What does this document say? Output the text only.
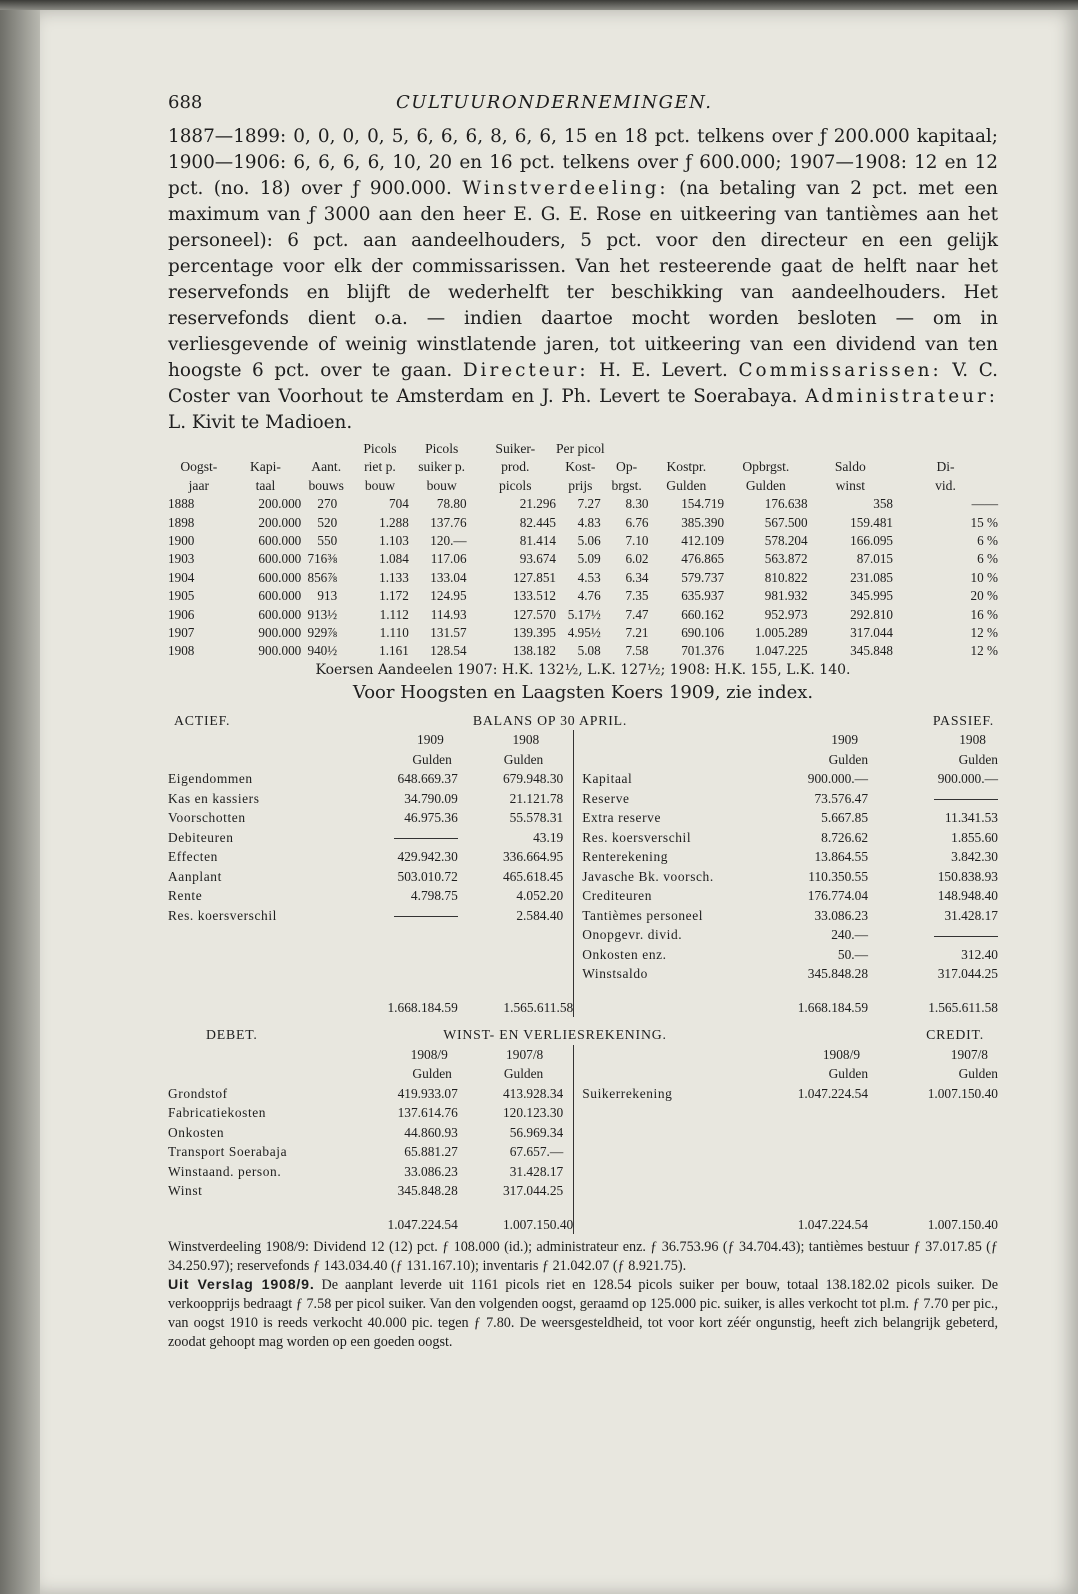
688	CULTUURONDERNEMINGEN.

1887—1899: 0, 0, 0, 0, 5, 6, 6, 6, 8, 6, 6, 15 en 18 pct. telkens over ƒ 200.000 kapitaal; 1900—1906: 6, 6, 6, 6, 10, 20 en 16 pct. telkens over ƒ 600.000; 1907—1908: 12 en 12 pct. (no. 18) over ƒ 900.000. Winstverdeeling: (na betaling van 2 pct. met een maximum van ƒ 3000 aan den heer E. G. E. Rose en uitkeering van tantièmes aan het personeel): 6 pct. aan aandeelhouders, 5 pct. voor den directeur en een gelijk percentage voor elk der commissarissen. Van het resteerende gaat de helft naar het reservefonds en blijft de wederhelft ter beschikking van aandeelhouders. Het reservefonds dient o.a. — indien daartoe mocht worden besloten — om in verliesgevende of weinig winstlatende jaren, tot uitkeering van een dividend van ten hoogste 6 pct. over te gaan. Directeur: H. E. Levert. Commissarissen: V. C. Coster van Voorhout te Amsterdam en J. Ph. Levert te Soerabaya. Administrateur: L. Kivit te Madioen.

			Picols	Picols	Suiker-	Per picol					
Oogst-	Kapi-	Aant.	riet p.	suiker p.	prod.	Kost-	Op-	Kostpr.	Opbrgst.	Saldo	Di-
jaar	taal	bouws	bouw	bouw	picols	prijs	brgst.	Gulden	Gulden	winst	vid.
1888	200.000	270	704	78.80	21.296	7.27	8.30	154.719	176.638	358	——
1898	200.000	520	1.288	137.76	82.445	4.83	6.76	385.390	567.500	159.481	15 %
1900	600.000	550	1.103	120.—	81.414	5.06	7.10	412.109	578.204	166.095	6 %
1903	600.000	716⅜	1.084	117.06	93.674	5.09	6.02	476.865	563.872	87.015	6 %
1904	600.000	856⅞	1.133	133.04	127.851	4.53	6.34	579.737	810.822	231.085	10 %
1905	600.000	913	1.172	124.95	133.512	4.76	7.35	635.937	981.932	345.995	20 %
1906	600.000	913½	1.112	114.93	127.570	5.17½	7.47	660.162	952.973	292.810	16 %
1907	900.000	929⅞	1.110	131.57	139.395	4.95½	7.21	690.106	1.005.289	317.044	12 %
1908	900.000	940½	1.161	128.54	138.182	5.08	7.58	701.376	1.047.225	345.848	12 %
Koersen Aandeelen 1907: H.K. 132½, L.K. 127½; 1908: H.K. 155, L.K. 140.
Voor Hoogsten en Laagsten Koers 1909, zie index.
ACTIEF.	BALANS OP 30 APRIL.				PASSIEF.	
	1909	1908			1909	1908
	Gulden	Gulden			Gulden	Gulden
Eigendommen	648.669.37	679.948.30		Kapitaal	900.000.—	900.000.—
Kas en kassiers	34.790.09	21.121.78		Reserve	73.576.47	
Voorschotten	46.975.36	55.578.31		Extra reserve	5.667.85	11.341.53
Debiteuren		43.19		Res. koersverschil	8.726.62	1.855.60
Effecten	429.942.30	336.664.95		Renterekening	13.864.55	3.842.30
Aanplant	503.010.72	465.618.45		Javasche Bk. voorsch.	110.350.55	150.838.93
Rente	4.798.75	4.052.20		Crediteuren	176.774.04	148.948.40
Res. koersverschil		2.584.40		Tantièmes personeel	33.086.23	31.428.17
				Onopgevr. divid.	240.—	
				Onkosten enz.	50.—	312.40
				Winstsaldo	345.848.28	317.044.25
	1.668.184.59	1.565.611.58			1.668.184.59	1.565.611.58
DEBET.	WINST- EN VERLIESREKENING.				CREDIT.	
	1908/9	1907/8			1908/9	1907/8
	Gulden	Gulden			Gulden	Gulden
Grondstof	419.933.07	413.928.34		Suikerrekening	1.047.224.54	1.007.150.40
Fabricatiekosten	137.614.76	120.123.30				
Onkosten	44.860.93	56.969.34				
Transport Soerabaja	65.881.27	67.657.—				
Winstaand. person.	33.086.23	31.428.17				
Winst	345.848.28	317.044.25				
	1.047.224.54	1.007.150.40			1.047.224.54	1.007.150.40

Winstverdeeling 1908/9: Dividend 12 (12) pct. ƒ 108.000 (id.); administrateur enz. ƒ 36.753.96 (ƒ 34.704.43); tantièmes bestuur ƒ 37.017.85 (ƒ 34.250.97); reservefonds ƒ 143.034.40 (ƒ 131.167.10); inventaris ƒ 21.042.07 (ƒ 8.921.75).

Uit Verslag 1908/9. De aanplant leverde uit 1161 picols riet en 128.54 picols suiker per bouw, totaal 138.182.02 picols suiker. De verkoopprijs bedraagt ƒ 7.58 per picol suiker. Van den volgenden oogst, geraamd op 125.000 pic. suiker, is alles verkocht tot pl.m. ƒ 7.70 per pic., van oogst 1910 is reeds verkocht 40.000 pic. tegen ƒ 7.80. De weersgesteldheid, tot voor kort zéér ongunstig, heeft zich belangrijk gebeterd, zoodat gehoopt mag worden op een goeden oogst.
